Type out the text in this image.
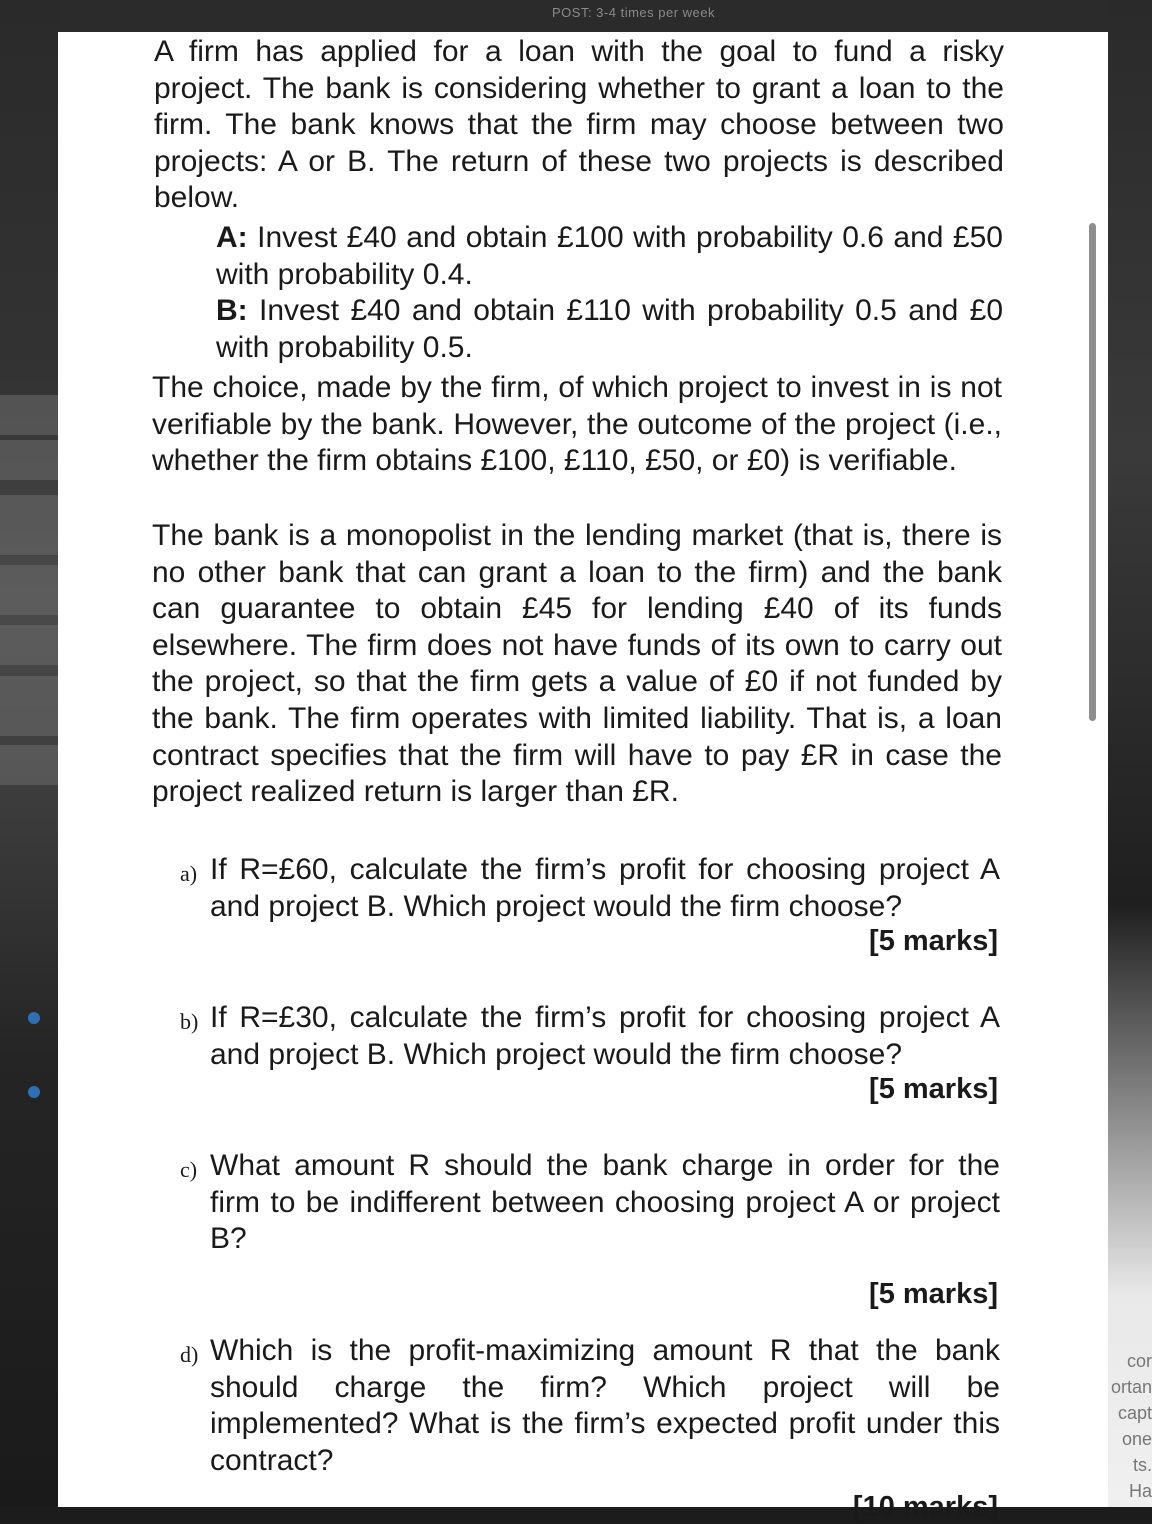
POST: 3-4 times per week
cor
ortan
capt
one
ts.
Ha

A firm has applied for a loan with the goal to fund a risky project. The bank is considering whether to grant a loan to the firm. The bank knows that the firm may choose between two projects: A or B. The return of these two projects is described below.

A: Invest £40 and obtain £100 with probability 0.6 and £50 with probability 0.4.
B: Invest £40 and obtain £110 with probability 0.5 and £0 with probability 0.5.

The choice, made by the firm, of which project to invest in is not verifiable by the bank. However, the outcome of the project (i.e., whether the firm obtains £100, £110, £50, or £0) is verifiable.

The bank is a monopolist in the lending market (that is, there is no other bank that can grant a loan to the firm) and the bank can guarantee to obtain £45 for lending £40 of its funds elsewhere. The firm does not have funds of its own to carry out the project, so that the firm gets a value of £0 if not funded by the bank. The firm operates with limited liability. That is, a loan contract specifies that the firm will have to pay £R in case the project realized return is larger than £R.

a) If R=£60, calculate the firm’s profit for choosing project A and project B. Which project would the firm choose?
[5 marks]
b) If R=£30, calculate the firm’s profit for choosing project A and project B. Which project would the firm choose?
[5 marks]
c) What amount R should the bank charge in order for the firm to be indifferent between choosing project A or project B?
[5 marks]
d) Which is the profit-maximizing amount R that the bank should charge the firm? Which project will be implemented? What is the firm’s expected profit under this contract?
[10 marks]
